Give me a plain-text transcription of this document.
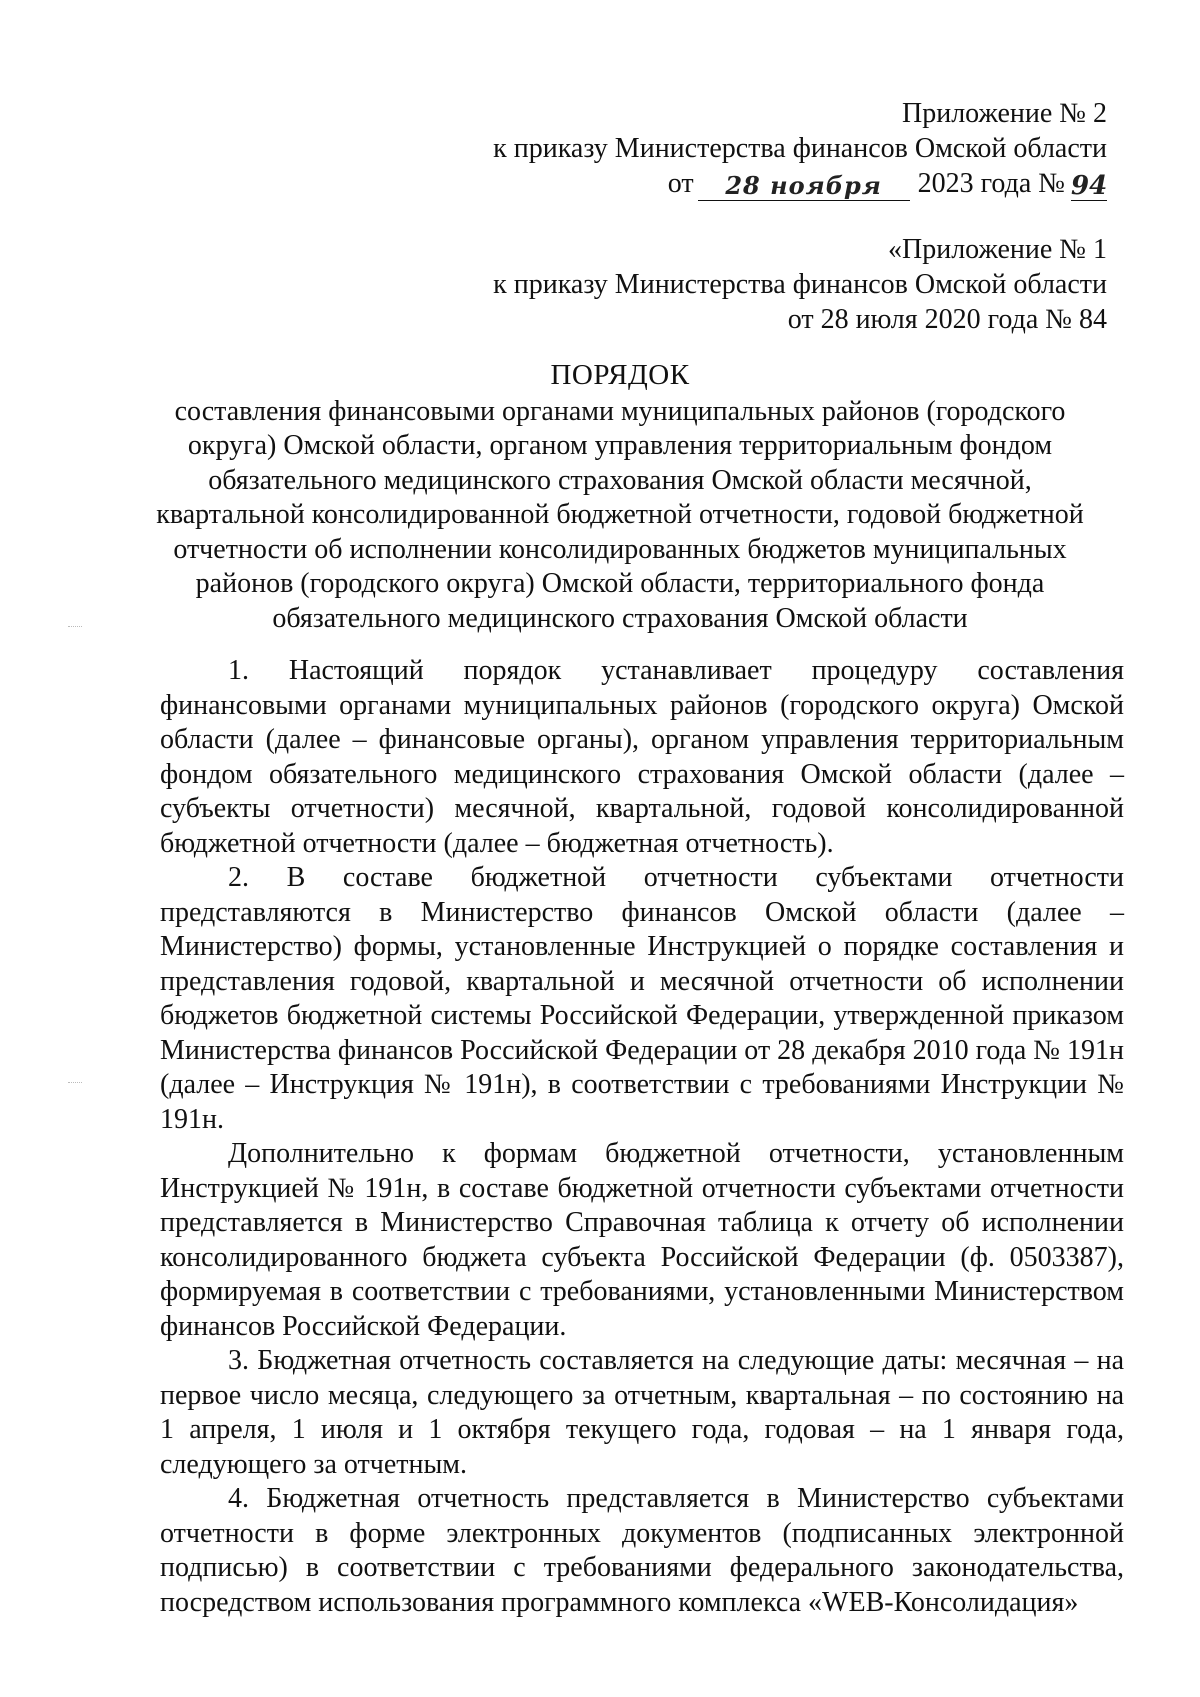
Приложение № 2
к приказу Министерства финансов Омской области
от	28 ноября	2023 года № 94
«Приложение № 1
к приказу Министерства финансов Омской области
от 28 июля 2020 года № 84
ПОРЯДОК

составления финансовыми органами муниципальных районов (городского округа) Омской области, органом управления территориальным фондом обязательного медицинского страхования Омской области месячной, квартальной консолидированной бюджетной отчетности, годовой бюджетной отчетности об исполнении консолидированных бюджетов муниципальных районов (городского округа) Омской области, территориального фонда обязательного медицинского страхования Омской области

1. Настоящий порядок устанавливает процедуру составления финансовыми органами муниципальных районов (городского округа) Омской области (далее – финансовые органы), органом управления территориальным фондом обязательного медицинского страхования Омской области (далее – субъекты отчетности) месячной, квартальной, годовой консолидированной бюджетной отчетности (далее – бюджетная отчетность).

2. В составе бюджетной отчетности субъектами отчетности представляются в Министерство финансов Омской области (далее – Министерство) формы, установленные Инструкцией о порядке составления и представления годовой, квартальной и месячной отчетности об исполнении бюджетов бюджетной системы Российской Федерации, утвержденной приказом Министерства финансов Российской Федерации от 28 декабря 2010 года № 191н (далее – Инструкция № 191н), в соответствии с требованиями Инструкции № 191н.

Дополнительно к формам бюджетной отчетности, установленным Инструкцией № 191н, в составе бюджетной отчетности субъектами отчетности представляется в Министерство Справочная таблица к отчету об исполнении консолидированного бюджета субъекта Российской Федерации (ф. 0503387), формируемая в соответствии с требованиями, установленными Министерством финансов Российской Федерации.

3. Бюджетная отчетность составляется на следующие даты: месячная – на первое число месяца, следующего за отчетным, квартальная – по состоянию на 1 апреля, 1 июля и 1 октября текущего года, годовая – на 1 января года, следующего за отчетным.

4. Бюджетная отчетность представляется в Министерство субъектами отчетности в форме электронных документов (подписанных электронной подписью) в соответствии с требованиями федерального законодательства, посредством использования программного комплекса «WEB-Консолидация»
